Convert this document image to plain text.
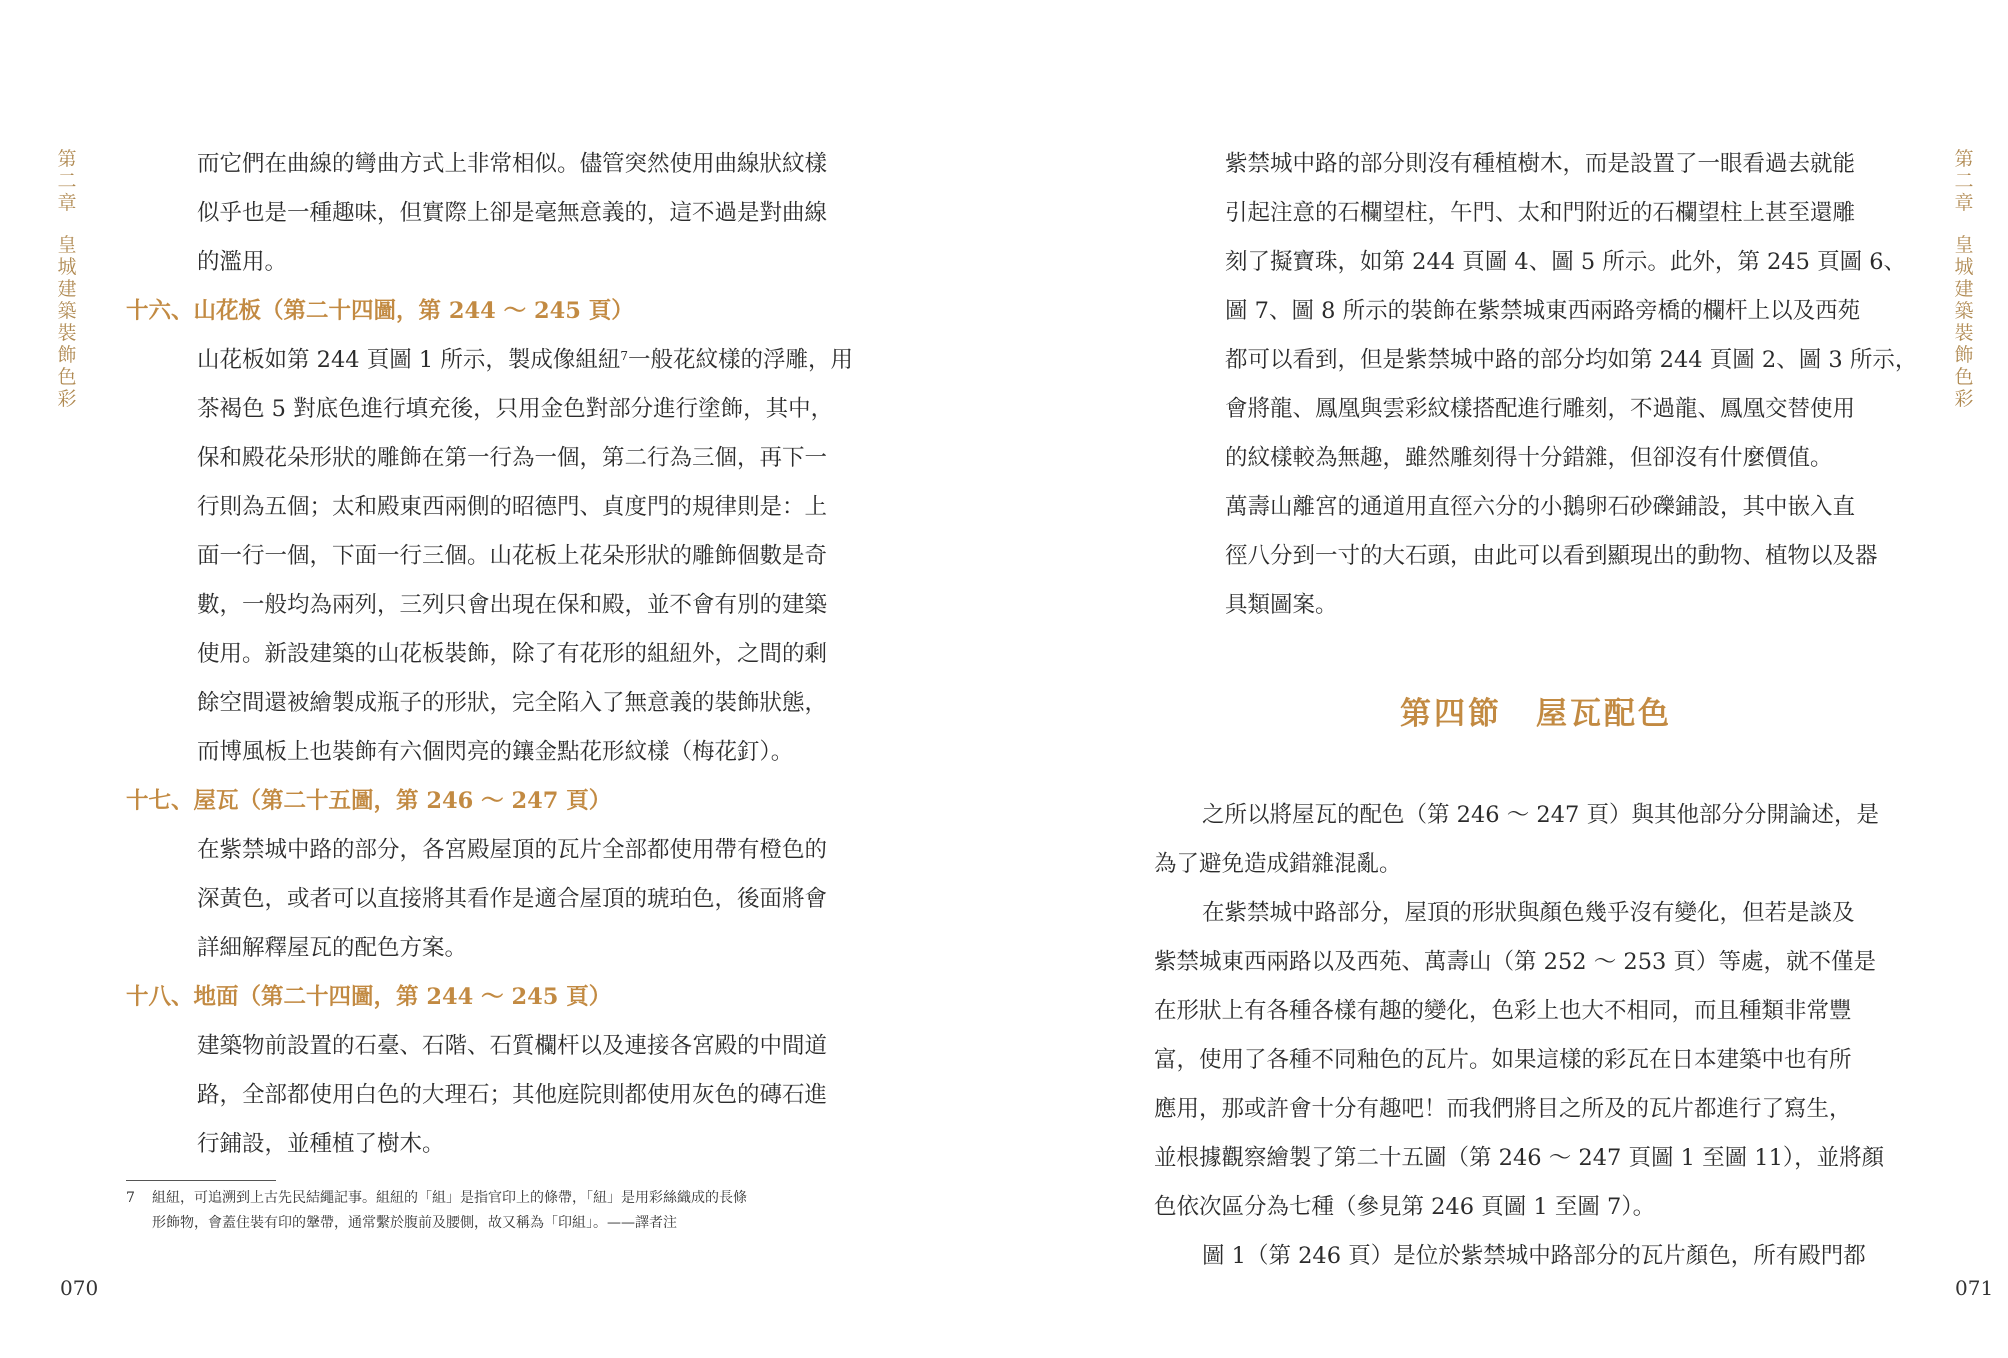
第二章
皇城建築裝飾色彩

而它們在曲線的彎曲方式上非常相似。儘管突然使用曲線狀紋樣

似乎也是一種趣味，但實際上卻是毫無意義的，這不過是對曲線

的濫用。

十六、山花板（第二十四圖，第 244 ～ 245 頁）

山花板如第 244 頁圖 1 所示，製成像組紐$^7$一般花紋樣的浮雕，用

茶褐色 5 對底色進行填充後，只用金色對部分進行塗飾，其中，

保和殿花朵形狀的雕飾在第一行為一個，第二行為三個，再下一

行則為五個；太和殿東西兩側的昭德門、貞度門的規律則是：上

面一行一個，下面一行三個。山花板上花朵形狀的雕飾個數是奇

數，一般均為兩列，三列只會出現在保和殿，並不會有別的建築

使用。新設建築的山花板裝飾，除了有花形的組紐外，之間的剩

餘空間還被繪製成瓶子的形狀，完全陷入了無意義的裝飾狀態，

而博風板上也裝飾有六個閃亮的鑲金點花形紋樣（梅花釘）。

十七、屋瓦（第二十五圖，第 246 ～ 247 頁）

在紫禁城中路的部分，各宮殿屋頂的瓦片全部都使用帶有橙色的

深黃色，或者可以直接將其看作是適合屋頂的琥珀色，後面將會

詳細解釋屋瓦的配色方案。

十八、地面（第二十四圖，第 244 ～ 245 頁）

建築物前設置的石臺、石階、石質欄杆以及連接各宮殿的中間道

路，全部都使用白色的大理石；其他庭院則都使用灰色的磚石進

行鋪設，並種植了樹木。

7 組紐，可追溯到上古先民結繩記事。組紐的「組」是指官印上的條帶，「紐」是用彩絲織成的長條
形飾物，會蓋住裝有印的鞶帶，通常繫於腹前及腰側，故又稱為「印組」。——譯者注
070

紫禁城中路的部分則沒有種植樹木，而是設置了一眼看過去就能

引起注意的石欄望柱，午門、太和門附近的石欄望柱上甚至還雕

刻了擬寶珠，如第 244 頁圖 4、圖 5 所示。此外，第 245 頁圖 6、

圖 7、圖 8 所示的裝飾在紫禁城東西兩路旁橋的欄杆上以及西苑

都可以看到，但是紫禁城中路的部分均如第 244 頁圖 2、圖 3 所示，

會將龍、鳳凰與雲彩紋樣搭配進行雕刻，不過龍、鳳凰交替使用

的紋樣較為無趣，雖然雕刻得十分錯雜，但卻沒有什麼價值。

萬壽山離宮的通道用直徑六分的小鵝卵石砂礫鋪設，其中嵌入直

徑八分到一寸的大石頭，由此可以看到顯現出的動物、植物以及器

具類圖案。

第四節　屋瓦配色

之所以將屋瓦的配色（第 246 ～ 247 頁）與其他部分分開論述，是

為了避免造成錯雜混亂。

在紫禁城中路部分，屋頂的形狀與顏色幾乎沒有變化，但若是談及

紫禁城東西兩路以及西苑、萬壽山（第 252 ～ 253 頁）等處，就不僅是

在形狀上有各種各樣有趣的變化，色彩上也大不相同，而且種類非常豐

富，使用了各種不同釉色的瓦片。如果這樣的彩瓦在日本建築中也有所

應用，那或許會十分有趣吧！而我們將目之所及的瓦片都進行了寫生，

並根據觀察繪製了第二十五圖（第 246 ～ 247 頁圖 1 至圖 11），並將顏

色依次區分為七種（參見第 246 頁圖 1 至圖 7）。

圖 1（第 246 頁）是位於紫禁城中路部分的瓦片顏色，所有殿門都

第二章
皇城建築裝飾色彩
071
